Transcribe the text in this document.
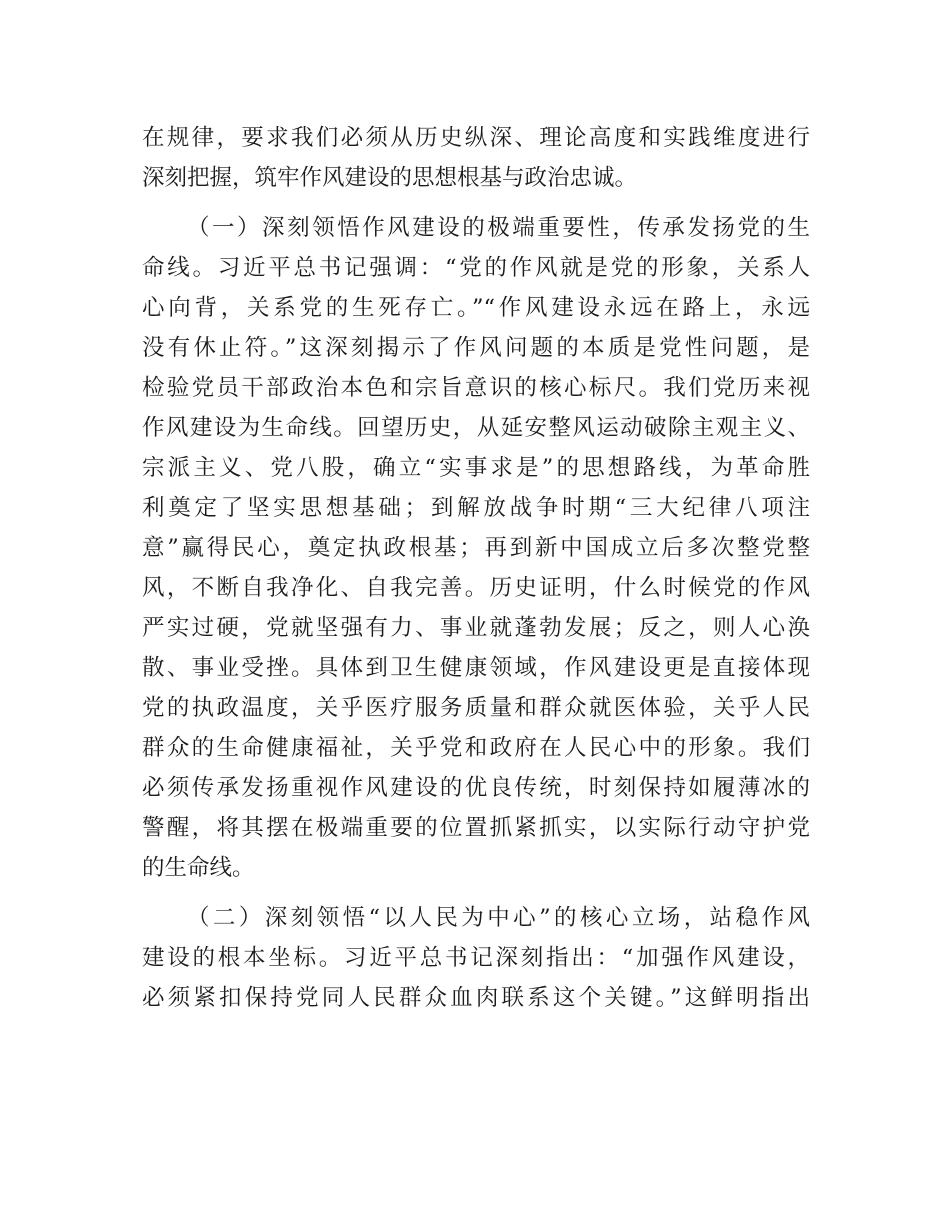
在规律，要求我们必须从历史纵深、理论高度和实践维度进行
深刻把握，筑牢作风建设的思想根基与政治忠诚。
（一）深刻领悟作风建设的极端重要性，传承发扬党的生
命线。习近平总书记强调：“党的作风就是党的形象，关系人
心向背，关系党的生死存亡。”“作风建设永远在路上，永远
没有休止符。”这深刻揭示了作风问题的本质是党性问题，是
检验党员干部政治本色和宗旨意识的核心标尺。我们党历来视
作风建设为生命线。回望历史，从延安整风运动破除主观主义、
宗派主义、党八股，确立“实事求是”的思想路线，为革命胜
利奠定了坚实思想基础；到解放战争时期“三大纪律八项注
意”赢得民心，奠定执政根基；再到新中国成立后多次整党整
风，不断自我净化、自我完善。历史证明，什么时候党的作风
严实过硬，党就坚强有力、事业就蓬勃发展；反之，则人心涣
散、事业受挫。具体到卫生健康领域，作风建设更是直接体现
党的执政温度，关乎医疗服务质量和群众就医体验，关乎人民
群众的生命健康福祉，关乎党和政府在人民心中的形象。我们
必须传承发扬重视作风建设的优良传统，时刻保持如履薄冰的
警醒，将其摆在极端重要的位置抓紧抓实，以实际行动守护党
的生命线。
（二）深刻领悟“以人民为中心”的核心立场，站稳作风
建设的根本坐标。习近平总书记深刻指出：“加强作风建设，
必须紧扣保持党同人民群众血肉联系这个关键。”这鲜明指出
